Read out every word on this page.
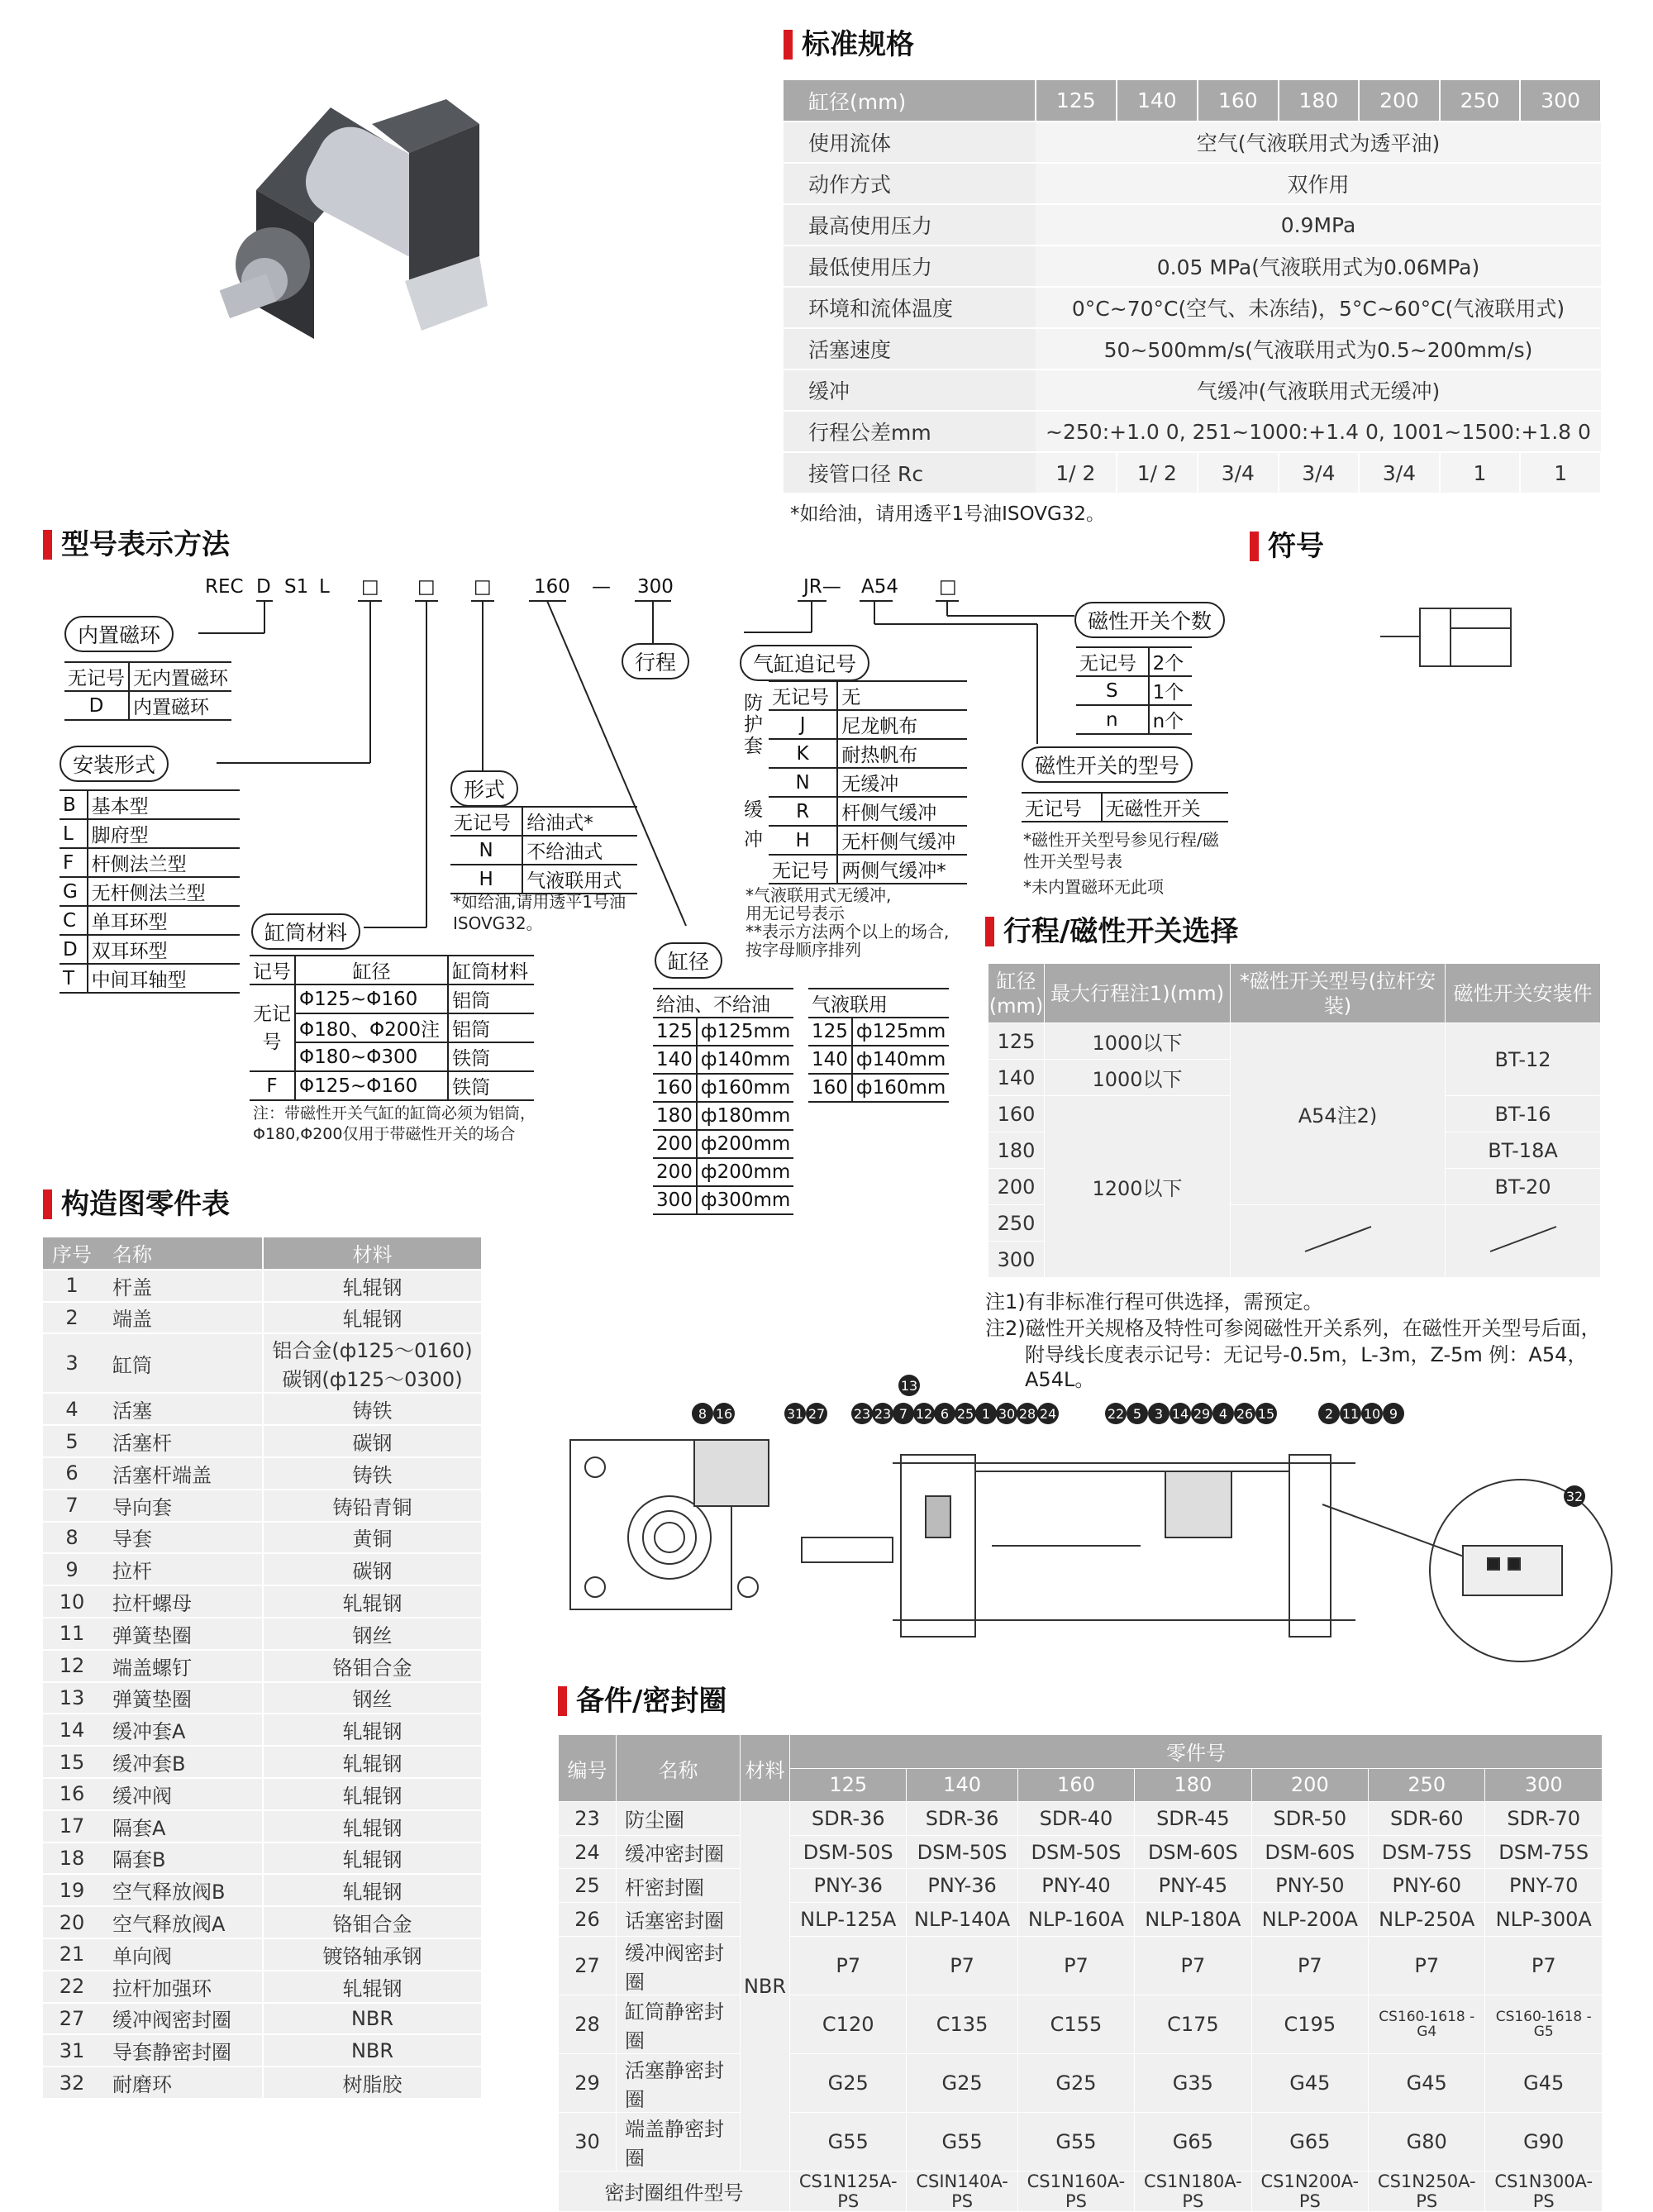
标准规格
缸径(mm)	125	140	160	180	200	250	300
使用流体	空气(气液联用式为透平油)						
动作方式	双作用						
最高使用压力	0.9MPa						
最低使用压力	0.05 MPa(气液联用式为0.06MPa)						
环境和流体温度	0°C~70°C(空气、未冻结)，5°C~60°C(气液联用式)						
活塞速度	50~500mm/s(气液联用式为0.5~200mm/s)						
缓冲	气缓冲(气液联用式无缓冲)						
行程公差mm	~250:+1.0 0, 251~1000:+1.4 0, 1001~1500:+1.8 0						
接管口径 Rc	1/ 2	1/ 2	3/4	3/4	3/4	1	1
*如给油，请用透平1号油ISOVG32。
型号表示方法	符号
REC D S1 L □ □ □ 160 — 300	JR— A54 □
内置磁环
无记号	无内置磁环
D	内置磁环
安装形式
B	基本型
L	脚府型
F	杆侧法兰型
G	无杆侧法兰型
C	单耳环型
D	双耳环型
T	中间耳轴型
形式
无记号	给油式*
N	不给油式
H	气液联用式
*如给油,请用透平1号油ISOVG32。
缸筒材料
记号	缸径	缸筒材料
无记号	Φ125~Φ160	铝筒
	Φ180、Φ200注	铝筒
	Φ180~Φ300	铁筒
F	Φ125~Φ160	铁筒
注：带磁性开关气缸的缸筒必须为铝筒，Φ180,Φ200仅用于带磁性开关的场合
行程
缸径
给油、不给油	
125	ф125mm
140	ф140mm
160	ф160mm
180	ф180mm
200	ф200mm
200	ф200mm
300	ф300mm
气液联用	
125	ф125mm
140	ф140mm
160	ф160mm
气缸追记号
防护套
缓冲
无记号	无
J	尼龙帆布
K	耐热帆布
N	无缓冲
R	杆侧气缓冲
H	无杆侧气缓冲
无记号	两侧气缓冲*
*气液联用式无缓冲,
用无记号表示
**表示方法两个以上的场合,
按字母顺序排列
磁性开关个数
无记号	2个
S	1个
n	n个
磁性开关的型号
无记号	无磁性开关
*磁性开关型号参见行程/磁
性开关型号表
*未内置磁环无此项
行程/磁性开关选择
缸径(mm)	最大行程注1)(mm)	*磁性开关型号(拉杆安装)	磁性开关安装件
125	1000以下	A54注2)	BT-12
140	1000以下		
160	1200以下		BT-16
180			BT-18A
200			BT-20
250		
300			
注1)有非标准行程可供选择，需预定。
注2)磁性开关规格及特性可参阅磁性开关系列，在磁性开关型号后面，
附导线长度表示记号：无记号-0.5m，L-3m，Z-5m 例：A54，A54L。
构造图零件表
序号	名称	材料
1	杆盖	轧辊钢
2	端盖	轧辊钢
3	缸筒	铝合金(ф125～0160)
碳钢(ф125～0300)
4	活塞	铸铁
5	活塞杆	碳钢
6	活塞杆端盖	铸铁
7	导向套	铸铅青铜
8	导套	黄铜
9	拉杆	碳钢
10	拉杆螺母	轧辊钢
11	弹簧垫圈	钢丝
12	端盖螺钉	铬钼合金
13	弹簧垫圈	钢丝
14	缓冲套A	轧辊钢
15	缓冲套B	轧辊钢
16	缓冲阀	轧辊钢
17	隔套A	轧辊钢
18	隔套B	轧辊钢
19	空气释放阀B	轧辊钢
20	空气释放阀A	铬钼合金
21	单向阀	镀铬轴承钢
22	拉杆加强环	轧辊钢
27	缓冲阀密封圈	NBR
31	导套静密封圈	NBR
32	耐磨环	树脂胶
8 16	31 27
13
23 7 12 6 25 1 30 28 24
23	22 5 3 14 29 4 26 15	2 11 10 9
32
备件/密封圈
编号	名称	材料	零件号						
			125	140	160	180	200	250	300
23	防尘圈	NBR	SDR-36	SDR-36	SDR-40	SDR-45	SDR-50	SDR-60	SDR-70
24	缓冲密封圈		DSM-50S	DSM-50S	DSM-50S	DSM-60S	DSM-60S	DSM-75S	DSM-75S
25	杆密封圈		PNY-36	PNY-36	PNY-40	PNY-45	PNY-50	PNY-60	PNY-70
26	话塞密封圈		NLP-125A	NLP-140A	NLP-160A	NLP-180A	NLP-200A	NLP-250A	NLP-300A
27	缓冲阀密封圈		P7	P7	P7	P7	P7	P7	P7
28	缸筒静密封圈		C120	C135	C155	C175	C195	CS160-1618 -G4	CS160-1618 -G5
29	活塞静密封圈		G25	G25	G25	G35	G45	G45	G45
30	端盖静密封圈		G55	G55	G55	G65	G65	G80	G90
密封圈组件型号			CS1N125A-PS	CSIN140A-PS	CS1N160A-PS	CS1N180A-PS	CS1N200A-PS	CS1N250A-PS	CS1N300A-PS
